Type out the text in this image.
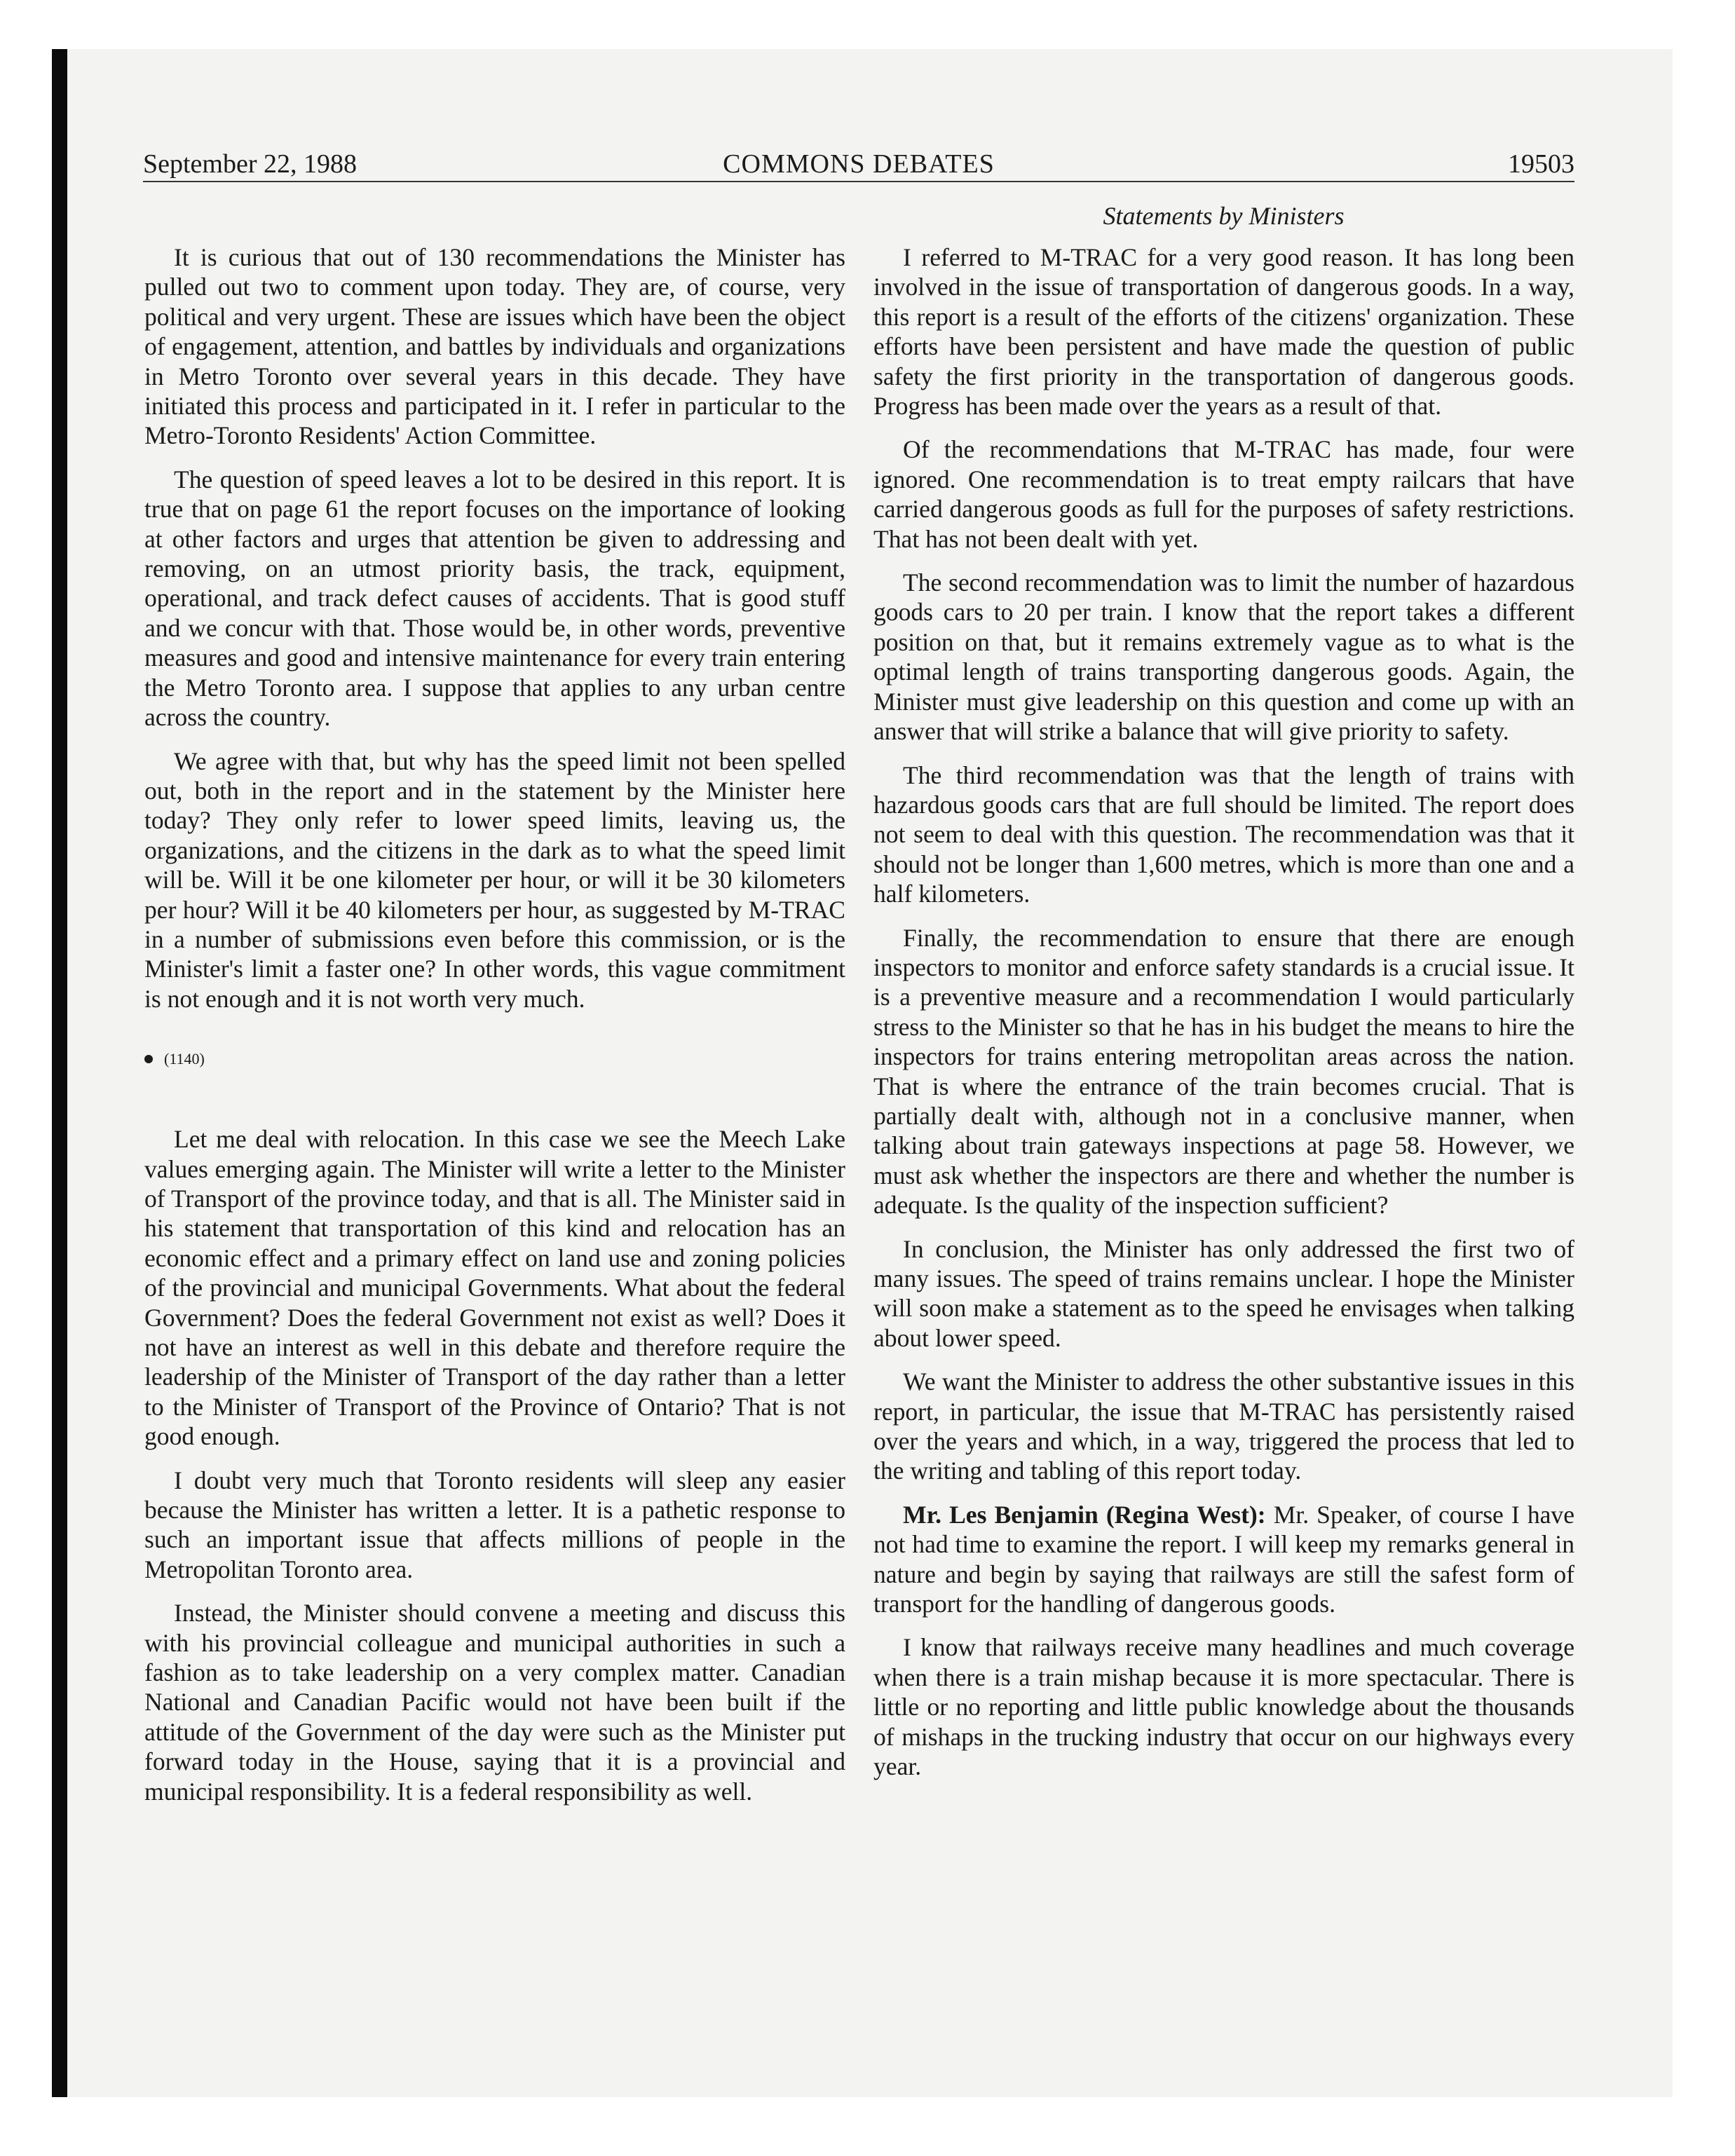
September 22, 1988	COMMONS DEBATES	19503
Statements by Ministers

It is curious that out of 130 recommendations the Minister has pulled out two to comment upon today. They are, of course, very political and very urgent. These are issues which have been the object of engagement, attention, and battles by individuals and organizations in Metro Toronto over several years in this decade. They have initiated this process and participated in it. I refer in particular to the Metro-Toronto Residents' Action Committee.

The question of speed leaves a lot to be desired in this report. It is true that on page 61 the report focuses on the importance of looking at other factors and urges that attention be given to addressing and removing, on an utmost priority basis, the track, equipment, operational, and track defect causes of accidents. That is good stuff and we concur with that. Those would be, in other words, preventive measures and good and intensive maintenance for every train entering the Metro Toronto area. I suppose that applies to any urban centre across the country.

We agree with that, but why has the speed limit not been spelled out, both in the report and in the statement by the Minister here today? They only refer to lower speed limits, leaving us, the organizations, and the citizens in the dark as to what the speed limit will be. Will it be one kilometer per hour, or will it be 30 kilometers per hour? Will it be 40 kilometers per hour, as suggested by M-TRAC in a number of submissions even before this commission, or is the Minister's limit a faster one? In other words, this vague commitment is not enough and it is not worth very much.

(1140)

Let me deal with relocation. In this case we see the Meech Lake values emerging again. The Minister will write a letter to the Minister of Transport of the province today, and that is all. The Minister said in his statement that transportation of this kind and relocation has an economic effect and a primary effect on land use and zoning policies of the provincial and municipal Governments. What about the federal Government? Does the federal Government not exist as well? Does it not have an interest as well in this debate and therefore require the leadership of the Minister of Transport of the day rather than a letter to the Minister of Transport of the Province of Ontario? That is not good enough.

I doubt very much that Toronto residents will sleep any easier because the Minister has written a letter. It is a pathetic response to such an important issue that affects millions of people in the Metropolitan Toronto area.

Instead, the Minister should convene a meeting and discuss this with his provincial colleague and municipal authorities in such a fashion as to take leadership on a very complex matter. Canadian National and Canadian Pacific would not have been built if the attitude of the Government of the day were such as the Minister put forward today in the House, saying that it is a provincial and municipal responsibility. It is a federal responsibility as well.

I referred to M-TRAC for a very good reason. It has long been involved in the issue of transportation of dangerous goods. In a way, this report is a result of the efforts of the citizens' organization. These efforts have been persistent and have made the question of public safety the first priority in the transportation of dangerous goods. Progress has been made over the years as a result of that.

Of the recommendations that M-TRAC has made, four were ignored. One recommendation is to treat empty railcars that have carried dangerous goods as full for the purposes of safety restrictions. That has not been dealt with yet.

The second recommendation was to limit the number of hazardous goods cars to 20 per train. I know that the report takes a different position on that, but it remains extremely vague as to what is the optimal length of trains transporting dangerous goods. Again, the Minister must give leadership on this question and come up with an answer that will strike a balance that will give priority to safety.

The third recommendation was that the length of trains with hazardous goods cars that are full should be limited. The report does not seem to deal with this question. The recommendation was that it should not be longer than 1,600 metres, which is more than one and a half kilometers.

Finally, the recommendation to ensure that there are enough inspectors to monitor and enforce safety standards is a crucial issue. It is a preventive measure and a recommendation I would particularly stress to the Minister so that he has in his budget the means to hire the inspectors for trains entering metropolitan areas across the nation. That is where the entrance of the train becomes crucial. That is partially dealt with, although not in a conclusive manner, when talking about train gateways inspections at page 58. However, we must ask whether the inspectors are there and whether the number is adequate. Is the quality of the inspection sufficient?

In conclusion, the Minister has only addressed the first two of many issues. The speed of trains remains unclear. I hope the Minister will soon make a statement as to the speed he envisages when talking about lower speed.

We want the Minister to address the other substantive issues in this report, in particular, the issue that M-TRAC has persistently raised over the years and which, in a way, triggered the process that led to the writing and tabling of this report today.

Mr. Les Benjamin (Regina West): Mr. Speaker, of course I have not had time to examine the report. I will keep my remarks general in nature and begin by saying that railways are still the safest form of transport for the handling of dangerous goods.

I know that railways receive many headlines and much coverage when there is a train mishap because it is more spectacular. There is little or no reporting and little public knowledge about the thousands of mishaps in the trucking industry that occur on our highways every year.
